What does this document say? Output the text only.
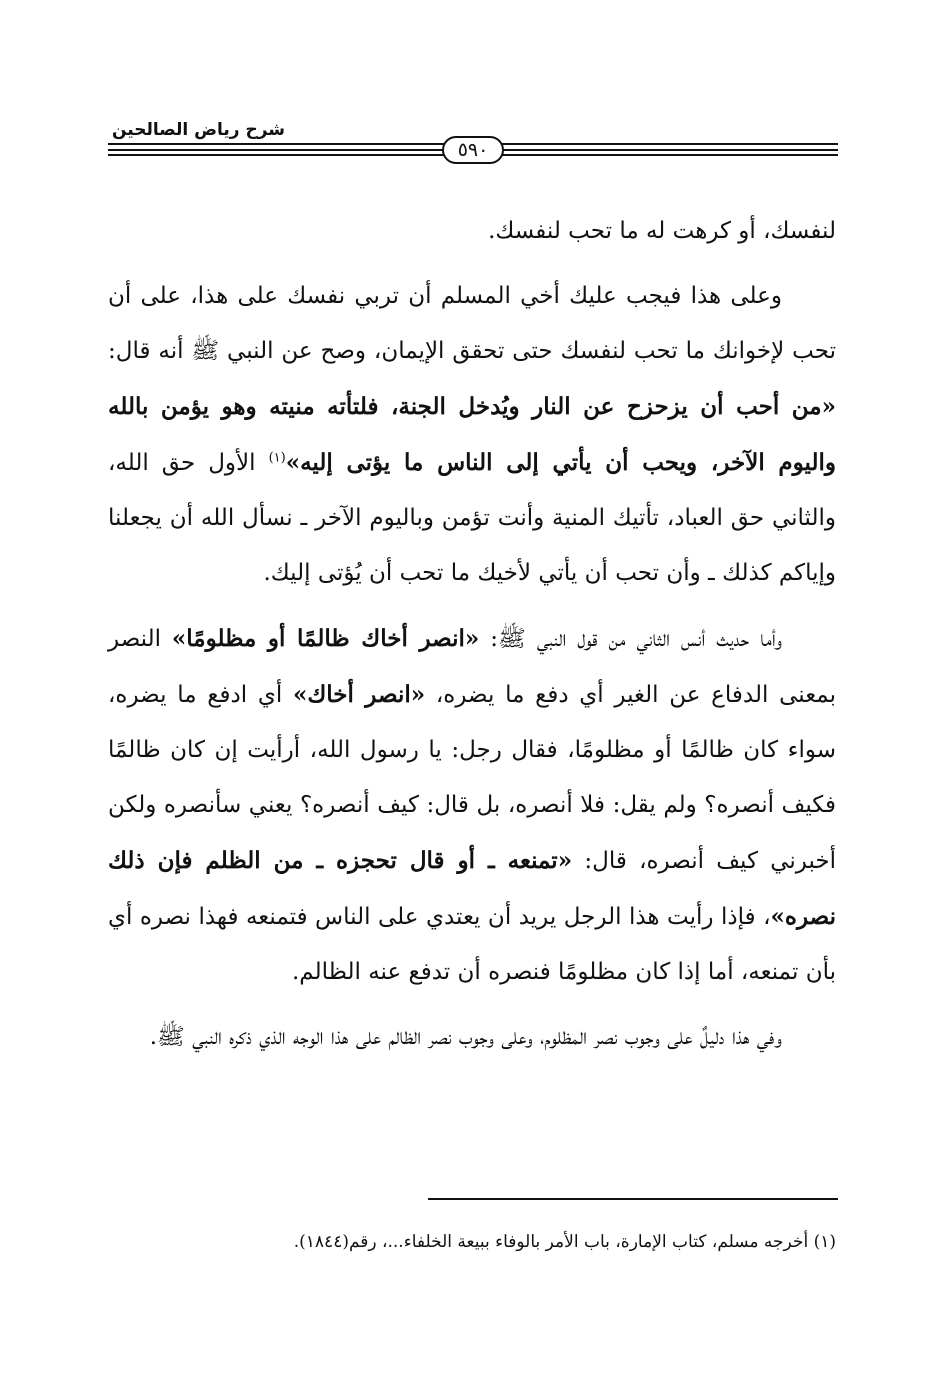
شرح رياض الصالحين
٥٩٠

لنفسك، أو كرهت له ما تحب لنفسك.

وعلى هذا فيجب عليك أخي المسلم أن تربي نفسك على هذا، على أن تحب لإخوانك ما تحب لنفسك حتى تحقق الإيمان، وصح عن النبي ﷺ أنه قال: «من أحب أن يزحزح عن النار ويُدخل الجنة، فلتأته منيته وهو يؤمن بالله واليوم الآخر، ويحب أن يأتي إلى الناس ما يؤتى إليه»$^{(١)}$ الأول حق الله، والثاني حق العباد، تأتيك المنية وأنت تؤمن وباليوم الآخر ـ نسأل الله أن يجعلنا وإياكم كذلك ـ وأن تحب أن يأتي لأخيك ما تحب أن يُؤتى إليك.

وأما حديث أنس الثاني من قول النبي ﷺ: «انصر أخاك ظالمًا أو مظلومًا» النصر بمعنى الدفاع عن الغير أي دفع ما يضره، «انصر أخاك» أي ادفع ما يضره، سواء كان ظالمًا أو مظلومًا، فقال رجل: يا رسول الله، أرأيت إن كان ظالمًا فكيف أنصره؟ ولم يقل: فلا أنصره، بل قال: كيف أنصره؟ يعني سأنصره ولكن أخبرني كيف أنصره، قال: «تمنعه ـ أو قال تحجزه ـ من الظلم فإن ذلك نصره»، فإذا رأيت هذا الرجل يريد أن يعتدي على الناس فتمنعه فهذا نصره أي بأن تمنعه، أما إذا كان مظلومًا فنصره أن تدفع عنه الظالم.

وفي هذا دليلٌ على وجوب نصر المظلوم، وعلى وجوب نصر الظالم على هذا الوجه الذي ذكره النبي ﷺ.

(١) أخرجه مسلم، كتاب الإمارة، باب الأمر بالوفاء ببيعة الخلفاء...، رقم(١٨٤٤).
